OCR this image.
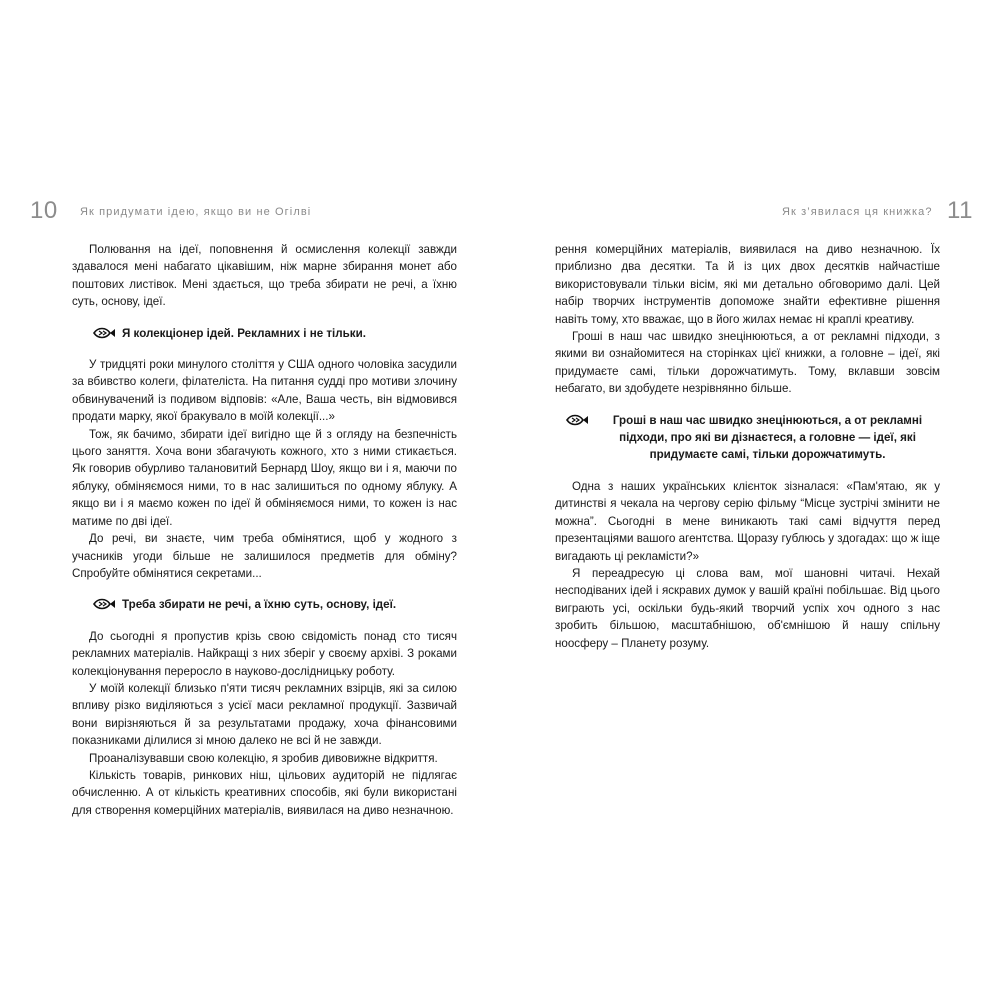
10 Як придумати ідею, якщо ви не Огілві

Полювання на ідеї, поповнення й осмислення колекції завжди здавалося мені набагато цікавішим, ніж марне збирання монет або поштових листівок. Мені здається, що треба збирати не речі, а їхню суть, основу, ідеї.

Я колекціонер ідей. Рекламних і не тільки.

У тридцяті роки минулого століття у США одного чоловіка засудили за вбивство колеги, філателіста. На питання судді про мотиви злочину обвинувачений із подивом відповів: «Але, Ваша честь, він відмовився продати марку, якої бракувало в моїй колекції...»

Тож, як бачимо, збирати ідеї вигідно ще й з огляду на безпечність цього заняття. Хоча вони збагачують кожного, хто з ними стикається. Як говорив обурливо талановитий Бернард Шоу, якщо ви і я, маючи по яблуку, обміняємося ними, то в нас залишиться по одному яблуку. А якщо ви і я маємо кожен по ідеї й обміняємося ними, то кожен із нас матиме по дві ідеї.

До речі, ви знаєте, чим треба обмінятися, щоб у жодного з учасників угоди більше не залишилося предметів для обміну? Спробуйте обмінятися секретами...

Треба збирати не речі, а їхню суть, основу, ідеї.

До сьогодні я пропустив крізь свою свідомість понад сто тисяч рекламних матеріалів. Найкращі з них зберіг у своєму архіві. З роками колекціонування переросло в науково-дослідницьку роботу.

У моїй колекції близько п'яти тисяч рекламних взірців, які за силою впливу різко виділяються з усієї маси рекламної продукції. Зазвичай вони вирізняються й за результатами продажу, хоча фінансовими показниками ділилися зі мною далеко не всі й не завжди.

Проаналізувавши свою колекцію, я зробив дивовижне відкриття.

Кількість товарів, ринкових ніш, цільових аудиторій не підлягає обчисленню. А от кількість креативних способів, які були використані для створення комерційних матеріалів, виявилася на диво незначною.

Як з’явилася ця книжка? 11

рення комерційних матеріалів, виявилася на диво незначною. Їх приблизно два десятки. Та й із цих двох десятків найчастіше використовували тільки вісім, які ми детально обговоримо далі. Цей набір творчих інструментів допоможе знайти ефективне рішення навіть тому, хто вважає, що в його жилах немає ні краплі креативу.

Гроші в наш час швидко знецінюються, а от рекламні підходи, з якими ви ознайомитеся на сторінках цієї книжки, а головне – ідеї, які придумаєте самі, тільки дорожчатимуть. Тому, вклавши зовсім небагато, ви здобудете незрівнянно більше.

Гроші в наш час швидко знецінюються, а от рекламні підходи, про які ви дізнаєтеся, а головне — ідеї, які придумаєте самі, тільки дорожчатимуть.

Одна з наших українських клієнток зізналася: «Пам'ятаю, як у дитинстві я чекала на чергову серію фільму “Місце зустрічі змінити не можна”. Сьогодні в мене виникають такі самі відчуття перед презентаціями вашого агентства. Щоразу гублюсь у здогадах: що ж іще вигадають ці рекламісти?»

Я переадресую ці слова вам, мої шановні читачі. Нехай несподіваних ідей і яскравих думок у вашій країні побільшає. Від цього виграють усі, оскільки будь-який творчий успіх хоч одного з нас зробить більшою, масштабнішою, об'ємнішою й нашу спільну ноосферу – Планету розуму.
